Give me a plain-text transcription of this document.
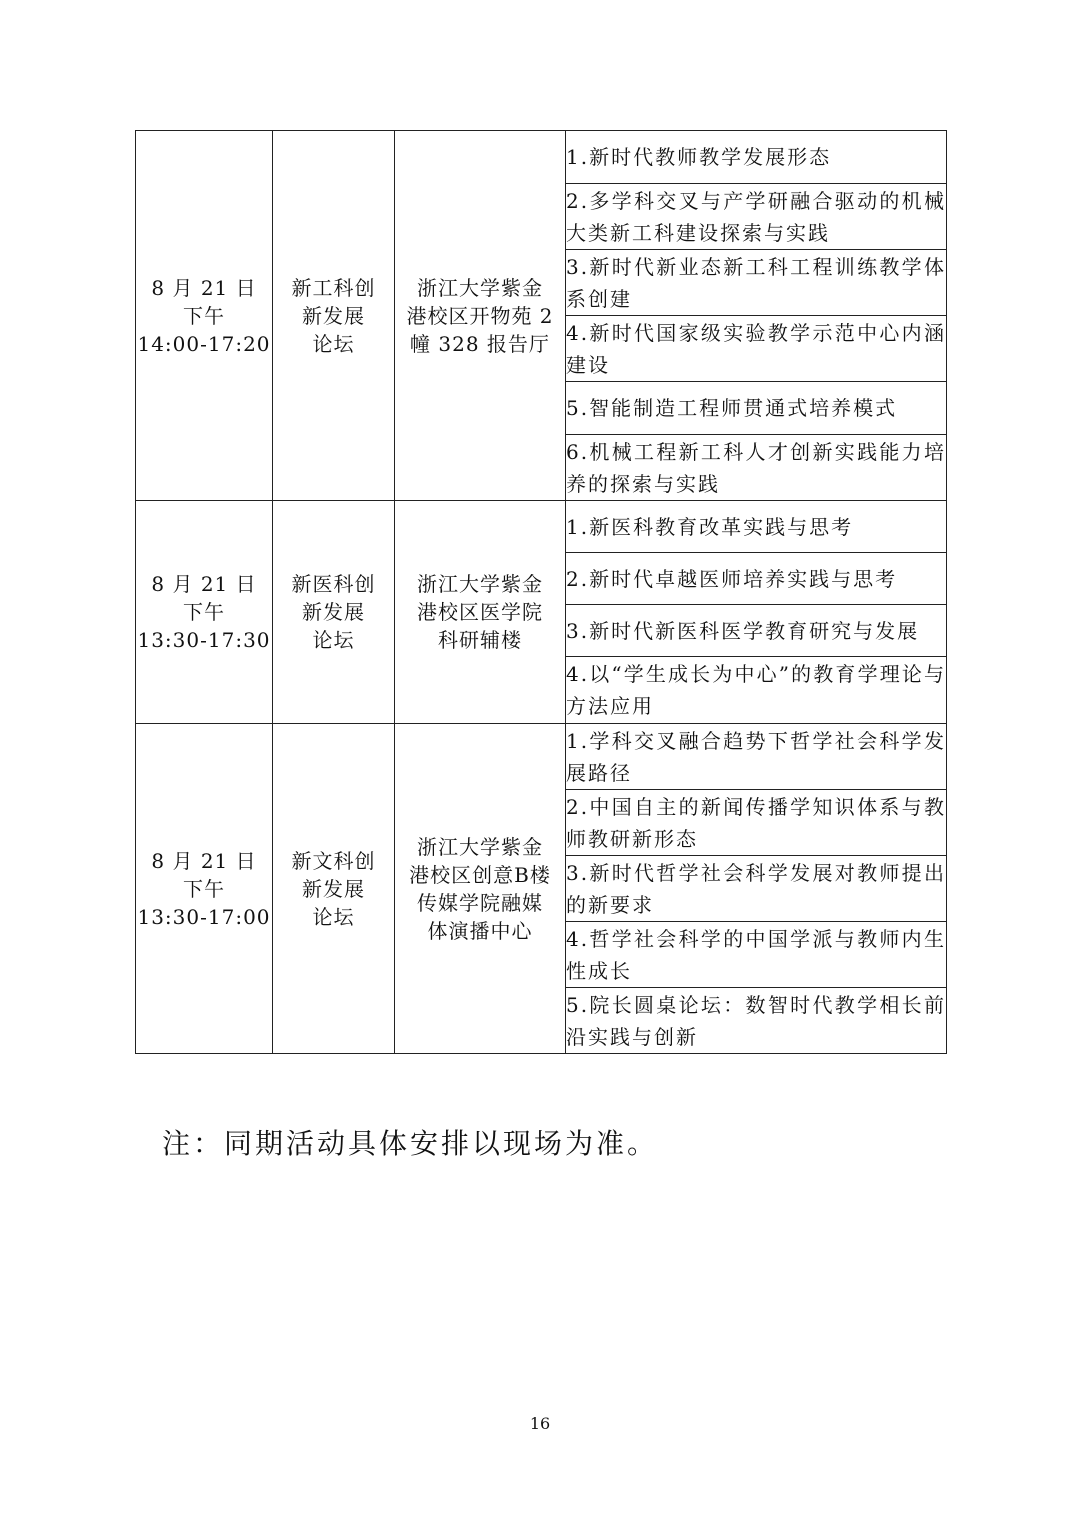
8 月 21 日
下午
14:00-17:20	新工科创
新发展
论坛	浙江大学紫金
港校区开物苑 2
幢 328 报告厅	1.新时代教师教学发展形态
			2.多学科交叉与产学研融合驱动的机械大类新工科建设探索与实践
			3.新时代新业态新工科工程训练教学体系创建
			4.新时代国家级实验教学示范中心内涵建设
			5.智能制造工程师贯通式培养模式
			6.机械工程新工科人才创新实践能力培养的探索与实践

8 月 21 日
下午
13:30-17:30	新医科创
新发展
论坛	浙江大学紫金
港校区医学院
科研辅楼	1.新医科教育改革实践与思考
			2.新时代卓越医师培养实践与思考
			3.新时代新医科医学教育研究与发展
			4.以“学生成长为中心”的教育学理论与方法应用

8 月 21 日
下午
13:30-17:00	新文科创
新发展
论坛	浙江大学紫金
港校区创意B楼
传媒学院融媒
体演播中心	1.学科交叉融合趋势下哲学社会科学发展路径
			2.中国自主的新闻传播学知识体系与教师教研新形态
			3.新时代哲学社会科学发展对教师提出的新要求
			4.哲学社会科学的中国学派与教师内生性成长
			5.院长圆桌论坛：数智时代教学相长前沿实践与创新
注：同期活动具体安排以现场为准。
16
